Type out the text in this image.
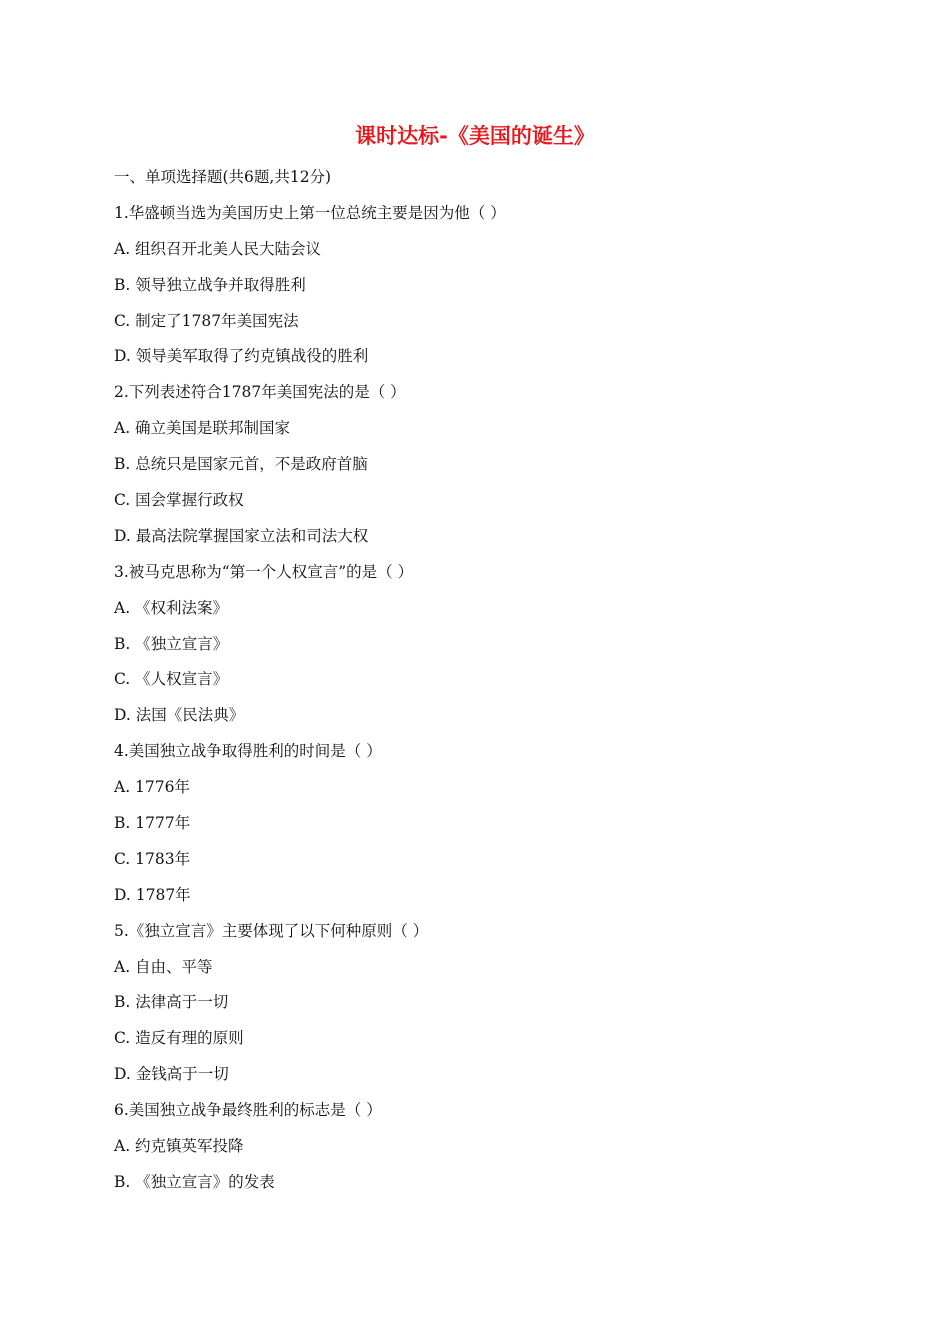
课时达标-《美国的诞生》
一、单项选择题(共6题,共12分)
1.华盛顿当选为美国历史上第一位总统主要是因为他（ ）
A. 组织召开北美人民大陆会议
B. 领导独立战争并取得胜利
C. 制定了1787年美国宪法
D. 领导美军取得了约克镇战役的胜利
2.下列表述符合1787年美国宪法的是（ ）
A. 确立美国是联邦制国家
B. 总统只是国家元首，不是政府首脑
C. 国会掌握行政权
D. 最高法院掌握国家立法和司法大权
3.被马克思称为“第一个人权宣言”的是（ ）
A. 《权利法案》
B. 《独立宣言》
C. 《人权宣言》
D. 法国《民法典》
4.美国独立战争取得胜利的时间是（ ）
A. 1776年
B. 1777年
C. 1783年
D. 1787年
5.《独立宣言》主要体现了以下何种原则（ ）
A. 自由、平等
B. 法律高于一切
C. 造反有理的原则
D. 金钱高于一切
6.美国独立战争最终胜利的标志是（ ）
A. 约克镇英军投降
B. 《独立宣言》的发表
